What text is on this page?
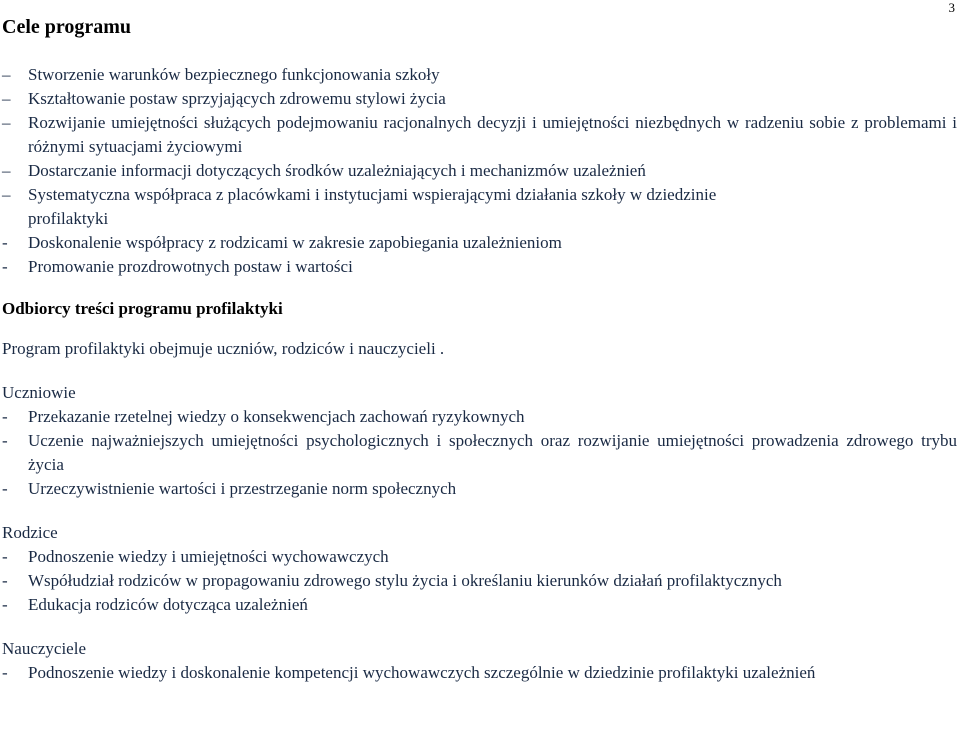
3
Cele programu
– Stworzenie warunków bezpiecznego funkcjonowania szkoły
– Kształtowanie postaw sprzyjających zdrowemu stylowi życia
– Rozwijanie umiejętności służących podejmowaniu racjonalnych decyzji i umiejętności niezbędnych w radzeniu sobie z problemami i różnymi sytuacjami życiowymi
– Dostarczanie informacji dotyczących środków uzależniających i mechanizmów uzależnień
– Systematyczna współpraca z placówkami i instytucjami wspierającymi działania szkoły w dziedzinie profilaktyki
- Doskonalenie współpracy z rodzicami w zakresie zapobiegania uzależnieniom
- Promowanie prozdrowotnych postaw i wartości
Odbiorcy treści programu profilaktyki
Program profilaktyki obejmuje uczniów, rodziców i nauczycieli .
Uczniowie
- Przekazanie rzetelnej wiedzy o konsekwencjach zachowań ryzykownych
- Uczenie najważniejszych umiejętności psychologicznych i społecznych oraz rozwijanie umiejętności prowadzenia zdrowego trybu życia
- Urzeczywistnienie wartości i przestrzeganie norm społecznych
Rodzice
- Podnoszenie wiedzy i umiejętności wychowawczych
- Współudział rodziców w propagowaniu zdrowego stylu życia i określaniu kierunków działań profilaktycznych
- Edukacja rodziców dotycząca uzależnień
Nauczyciele
- Podnoszenie wiedzy i doskonalenie kompetencji wychowawczych szczególnie w dziedzinie profilaktyki uzależnień
